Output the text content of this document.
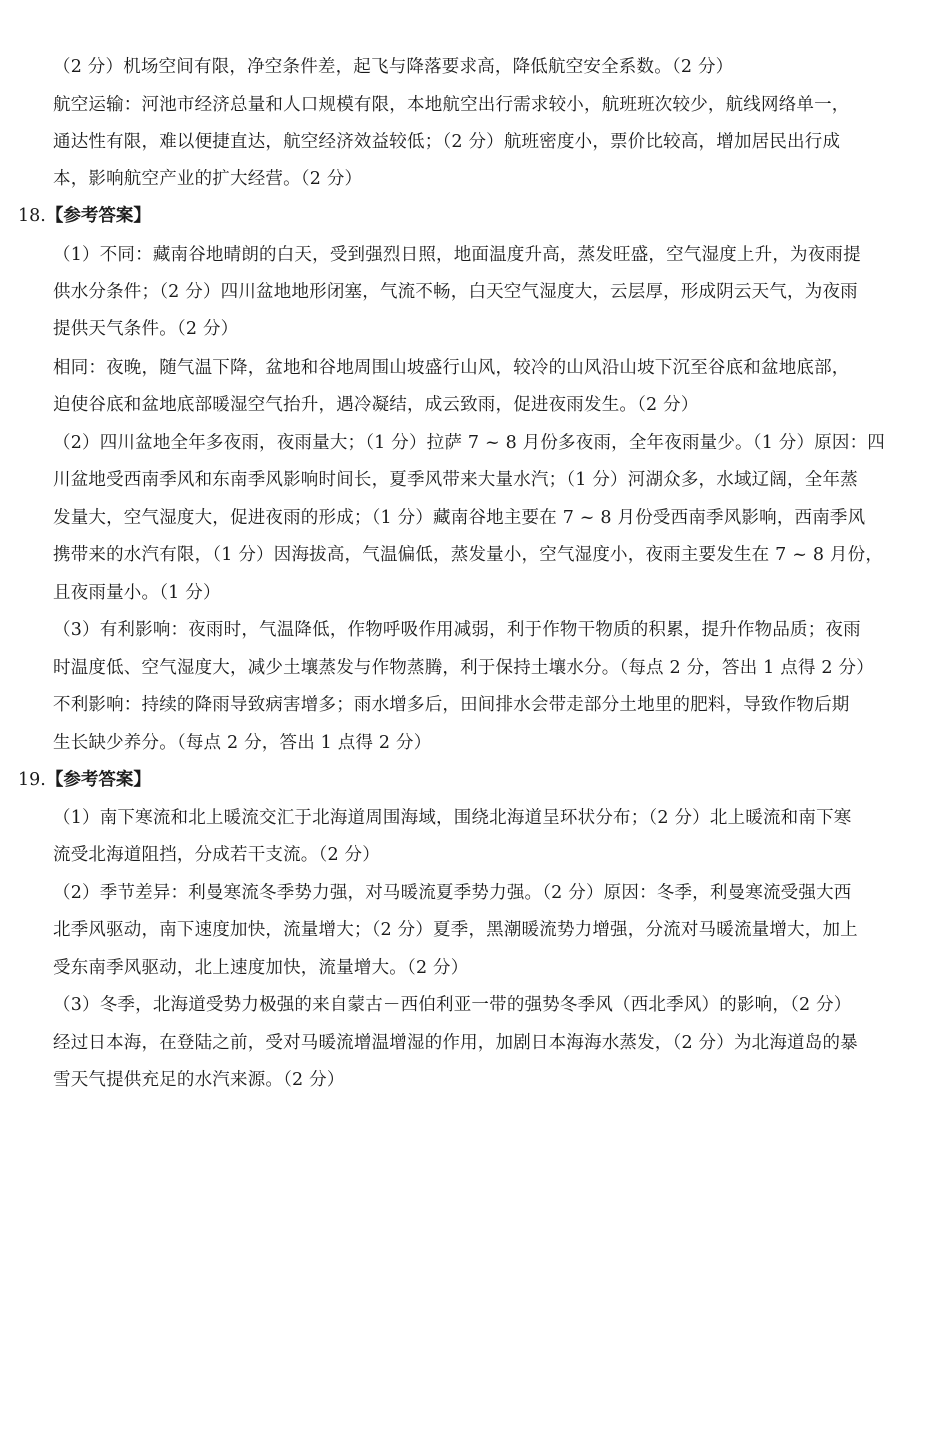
（2 分）机场空间有限，净空条件差，起飞与降落要求高，降低航空安全系数。（2 分）
航空运输：河池市经济总量和人口规模有限，本地航空出行需求较小，航班班次较少，航线网络单一，
通达性有限，难以便捷直达，航空经济效益较低；（2 分）航班密度小，票价比较高，增加居民出行成
本，影响航空产业的扩大经营。（2 分）
18.【参考答案】
（1）不同：藏南谷地晴朗的白天，受到强烈日照，地面温度升高，蒸发旺盛，空气湿度上升，为夜雨提
供水分条件；（2 分）四川盆地地形闭塞，气流不畅，白天空气湿度大，云层厚，形成阴云天气，为夜雨
提供天气条件。（2 分）
相同：夜晚，随气温下降，盆地和谷地周围山坡盛行山风，较冷的山风沿山坡下沉至谷底和盆地底部，
迫使谷底和盆地底部暖湿空气抬升，遇冷凝结，成云致雨，促进夜雨发生。（2 分）
（2）四川盆地全年多夜雨，夜雨量大；（1 分）拉萨 7 ~ 8 月份多夜雨，全年夜雨量少。（1 分）原因：四
川盆地受西南季风和东南季风影响时间长，夏季风带来大量水汽；（1 分）河湖众多，水域辽阔，全年蒸
发量大，空气湿度大，促进夜雨的形成；（1 分）藏南谷地主要在 7 ~ 8 月份受西南季风影响，西南季风
携带来的水汽有限，（1 分）因海拔高，气温偏低，蒸发量小，空气湿度小，夜雨主要发生在 7 ~ 8 月份，
且夜雨量小。（1 分）
（3）有利影响：夜雨时，气温降低，作物呼吸作用减弱，利于作物干物质的积累，提升作物品质；夜雨
时温度低、空气湿度大，减少土壤蒸发与作物蒸腾，利于保持土壤水分。（每点 2 分，答出 1 点得 2 分）
不利影响：持续的降雨导致病害增多；雨水增多后，田间排水会带走部分土地里的肥料，导致作物后期
生长缺少养分。（每点 2 分，答出 1 点得 2 分）
19.【参考答案】
（1）南下寒流和北上暖流交汇于北海道周围海域，围绕北海道呈环状分布；（2 分）北上暖流和南下寒
流受北海道阻挡，分成若干支流。（2 分）
（2）季节差异：利曼寒流冬季势力强，对马暖流夏季势力强。（2 分）原因：冬季，利曼寒流受强大西
北季风驱动，南下速度加快，流量增大；（2 分）夏季，黑潮暖流势力增强，分流对马暖流量增大，加上
受东南季风驱动，北上速度加快，流量增大。（2 分）
（3）冬季，北海道受势力极强的来自蒙古－西伯利亚一带的强势冬季风（西北季风）的影响，（2 分）
经过日本海，在登陆之前，受对马暖流增温增湿的作用，加剧日本海海水蒸发，（2 分）为北海道岛的暴
雪天气提供充足的水汽来源。（2 分）
